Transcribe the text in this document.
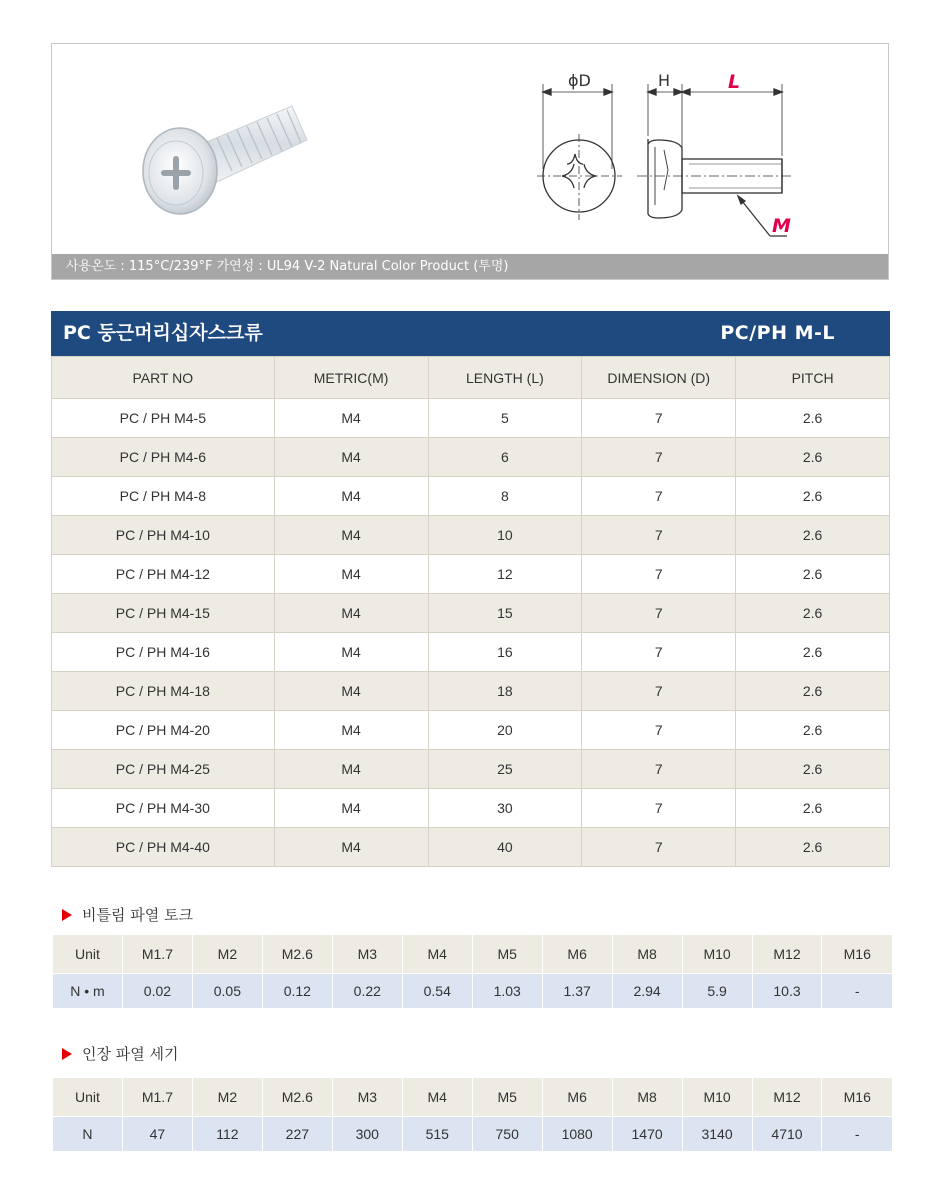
ϕD	H	L
M
사용온도 : 115°C/239°F 가연성 : UL94 V-2 Natural Color Product (투명)
PC 둥근머리십자스크류	PC/PH M-L
PART NO	METRIC(M)	LENGTH (L)	DIMENSION (D)	PITCH
PC / PH M4-5	M4	5	7	2.6
PC / PH M4-6	M4	6	7	2.6
PC / PH M4-8	M4	8	7	2.6
PC / PH M4-10	M4	10	7	2.6
PC / PH M4-12	M4	12	7	2.6
PC / PH M4-15	M4	15	7	2.6
PC / PH M4-16	M4	16	7	2.6
PC / PH M4-18	M4	18	7	2.6
PC / PH M4-20	M4	20	7	2.6
PC / PH M4-25	M4	25	7	2.6
PC / PH M4-30	M4	30	7	2.6
PC / PH M4-40	M4	40	7	2.6
비틀림 파열 토크
Unit	M1.7	M2	M2.6	M3	M4	M5	M6	M8	M10	M12	M16
N • m	0.02	0.05	0.12	0.22	0.54	1.03	1.37	2.94	5.9	10.3	-
인장 파열 세기
Unit	M1.7	M2	M2.6	M3	M4	M5	M6	M8	M10	M12	M16
N	47	112	227	300	515	750	1080	1470	3140	4710	-
